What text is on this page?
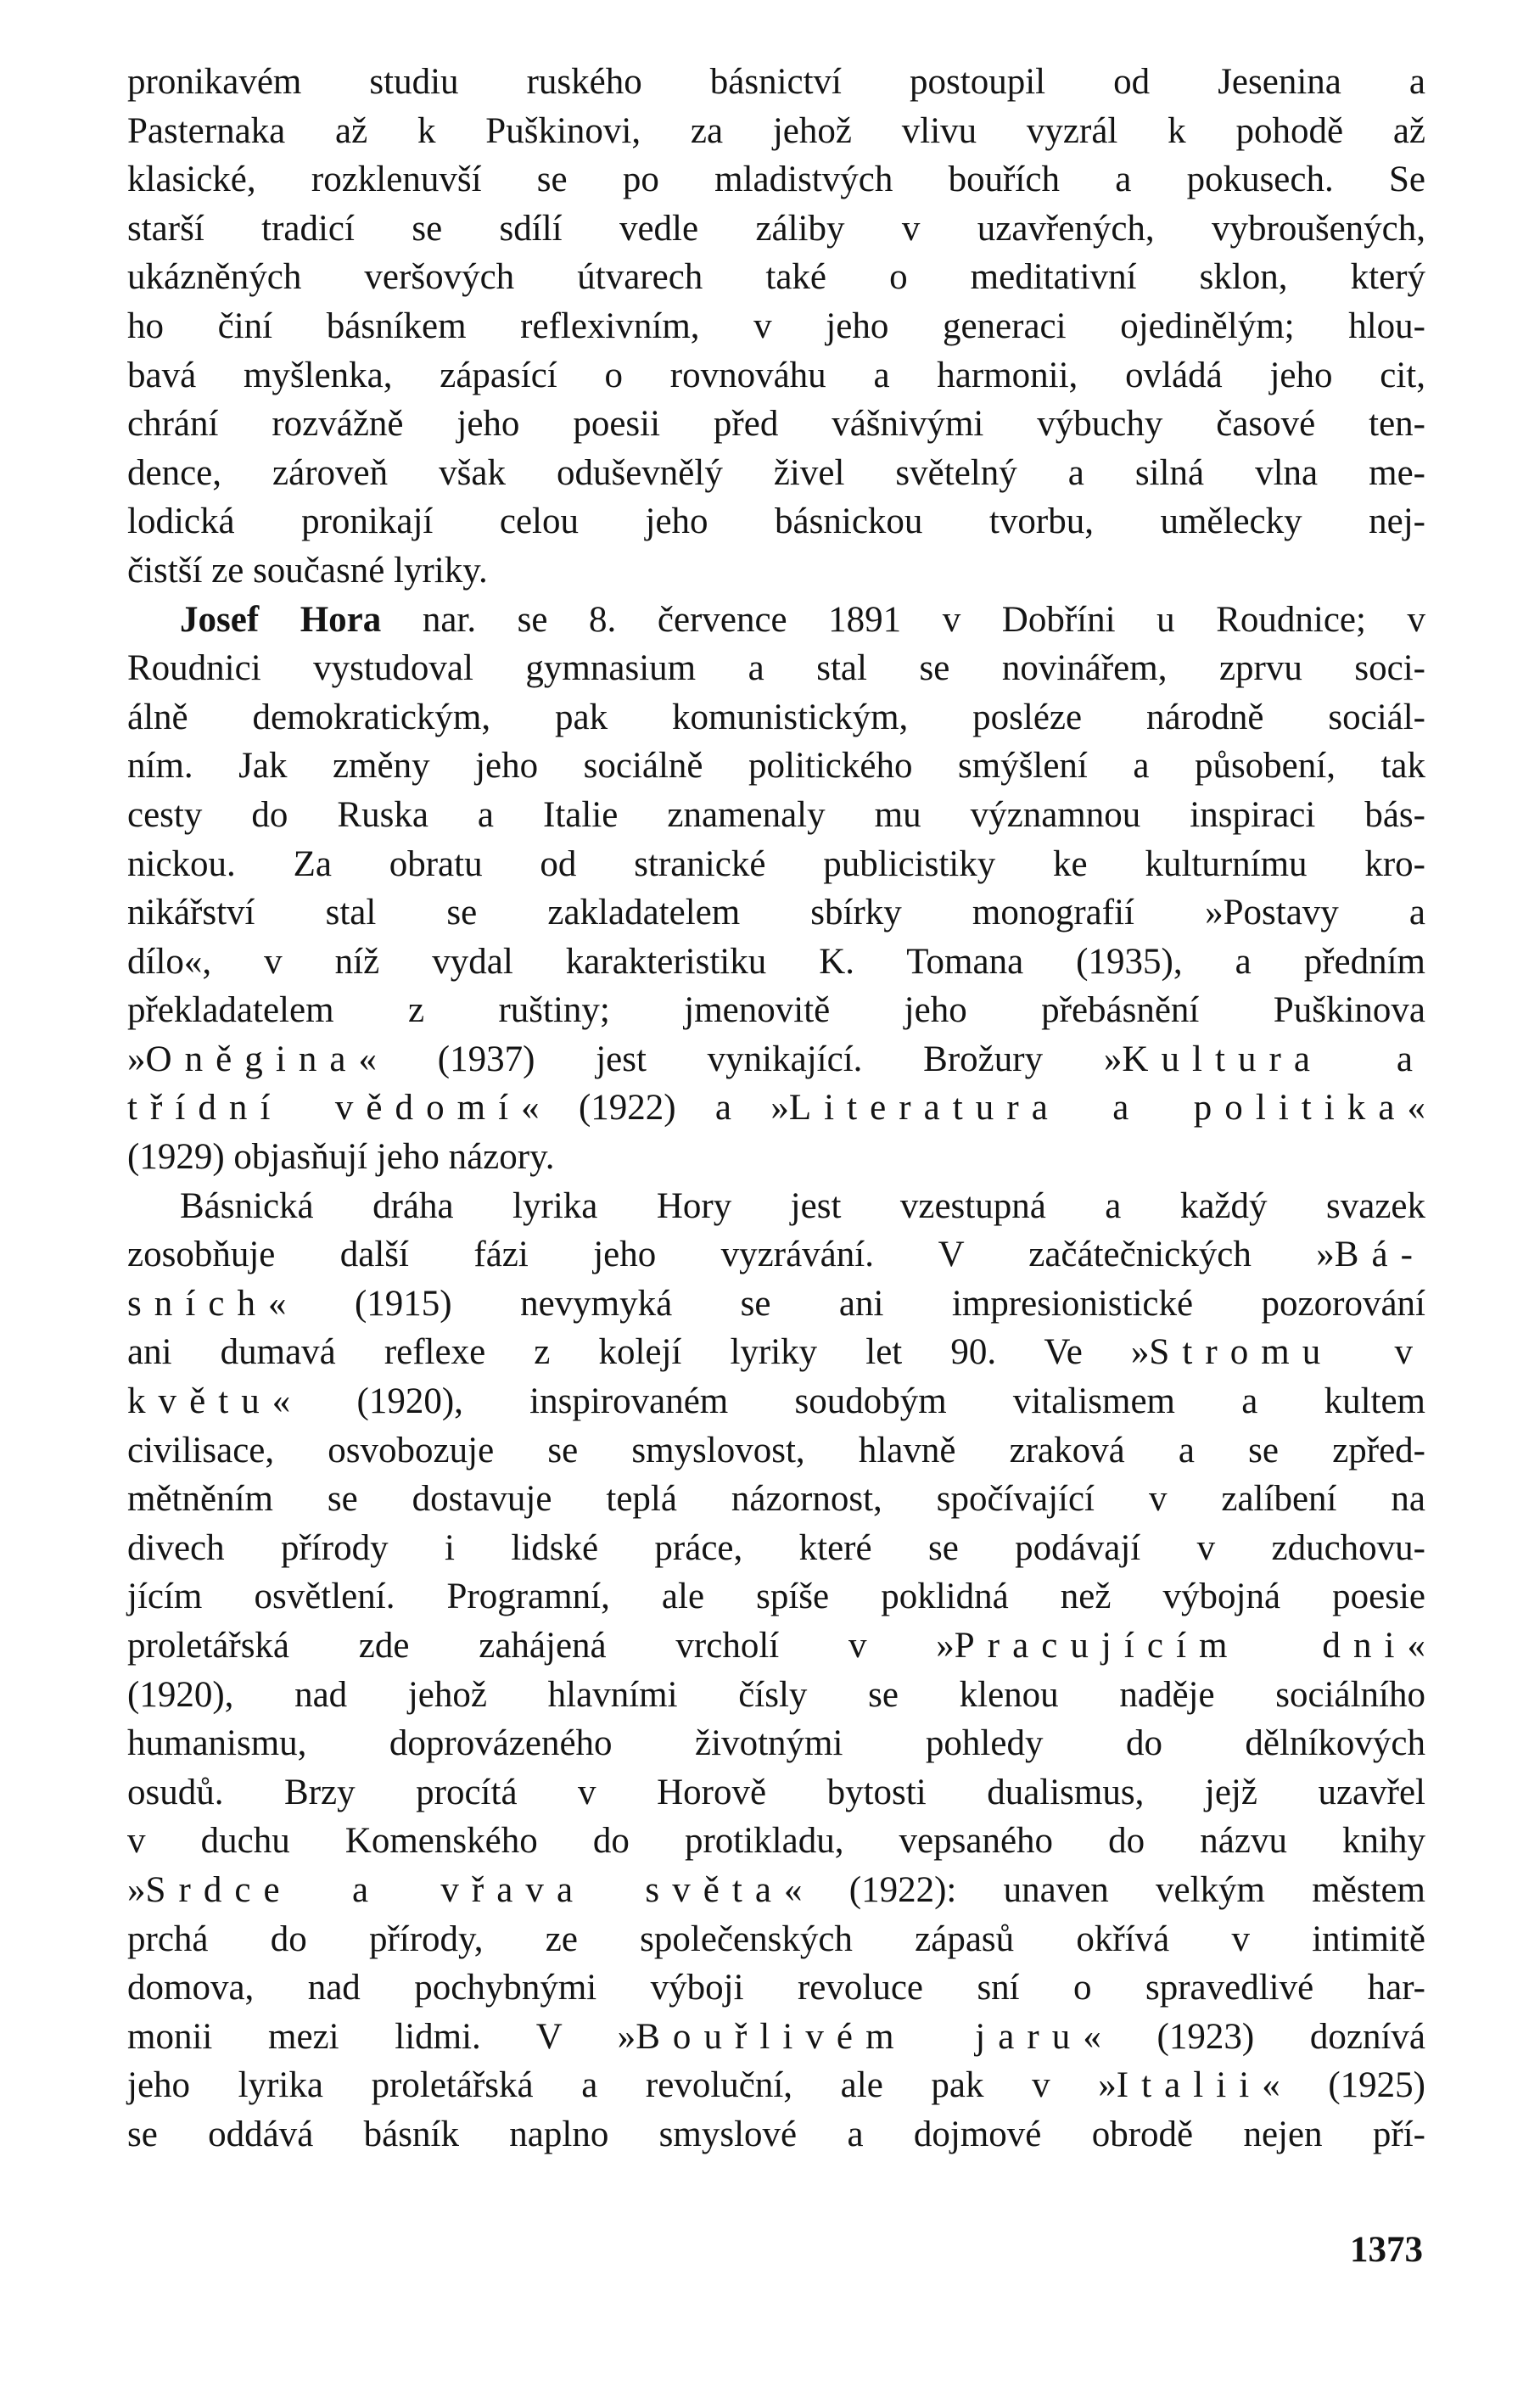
pronikavém studiu ruského básnictví postoupil od Jesenina a

Pasternaka až k Puškinovi, za jehož vlivu vyzrál k pohodě až

klasické, rozklenuvší se po mladistvých bouřích a pokusech. Se

starší tradicí se sdílí vedle záliby v uzavřených, vybroušených,

ukázněných veršových útvarech také o meditativní sklon, který

ho činí básníkem reflexivním, v jeho generaci ojedinělým; hlou-

bavá myšlenka, zápasící o rovnováhu a harmonii, ovládá jeho cit,

chrání rozvážně jeho poesii před vášnivými výbuchy časové ten-

dence, zároveň však oduševnělý živel světelný a silná vlna me-

lodická pronikají celou jeho básnickou tvorbu, umělecky nej-

čistší ze současné lyriky.

Josef Hora nar. se 8. července 1891 v Dobříni u Roudnice; v

Roudnici vystudoval gymnasium a stal se novinářem, zprvu soci-

álně demokratickým, pak komunistickým, posléze národně sociál-

ním. Jak změny jeho sociálně politického smýšlení a působení, tak

cesty do Ruska a Italie znamenaly mu významnou inspiraci bás-

nickou. Za obratu od stranické publicistiky ke kulturnímu kro-

nikářství stal se zakladatelem sbírky monografií »Postavy a

dílo«, v níž vydal karakteristiku K. Tomana (1935), a předním

překladatelem z ruštiny; jmenovitě jeho přebásnění Puškinova

»Oněgina« (1937) jest vynikající. Brožury »Kultura a

třídní vědomí« (1922) a »Literatura a politika«

(1929) objasňují jeho názory.

Básnická dráha lyrika Hory jest vzestupná a každý svazek

zosobňuje další fázi jeho vyzrávání. V začátečnických »Bá-

sních« (1915) nevymyká se ani impresionistické pozorování

ani dumavá reflexe z kolejí lyriky let 90. Ve »Stromu v

květu« (1920), inspirovaném soudobým vitalismem a kultem

civilisace, osvobozuje se smyslovost, hlavně zraková a se zpřed-

mětněním se dostavuje teplá názornost, spočívající v zalíbení na

divech přírody i lidské práce, které se podávají v zduchovu-

jícím osvětlení. Programní, ale spíše poklidná než výbojná poesie

proletářská zde zahájená vrcholí v »Pracujícím dni«

(1920), nad jehož hlavními čísly se klenou naděje sociálního

humanismu, doprovázeného životnými pohledy do dělníkových

osudů. Brzy procítá v Horově bytosti dualismus, jejž uzavřel

v duchu Komenského do protikladu, vepsaného do názvu knihy

»Srdce a vřava světa« (1922): unaven velkým městem

prchá do přírody, ze společenských zápasů okřívá v intimitě

domova, nad pochybnými výboji revoluce sní o spravedlivé har-

monii mezi lidmi. V »Bouřlivém jaru« (1923) doznívá

jeho lyrika proletářská a revoluční, ale pak v »Italii« (1925)

se oddává básník naplno smyslové a dojmové obrodě nejen pří-

1373
